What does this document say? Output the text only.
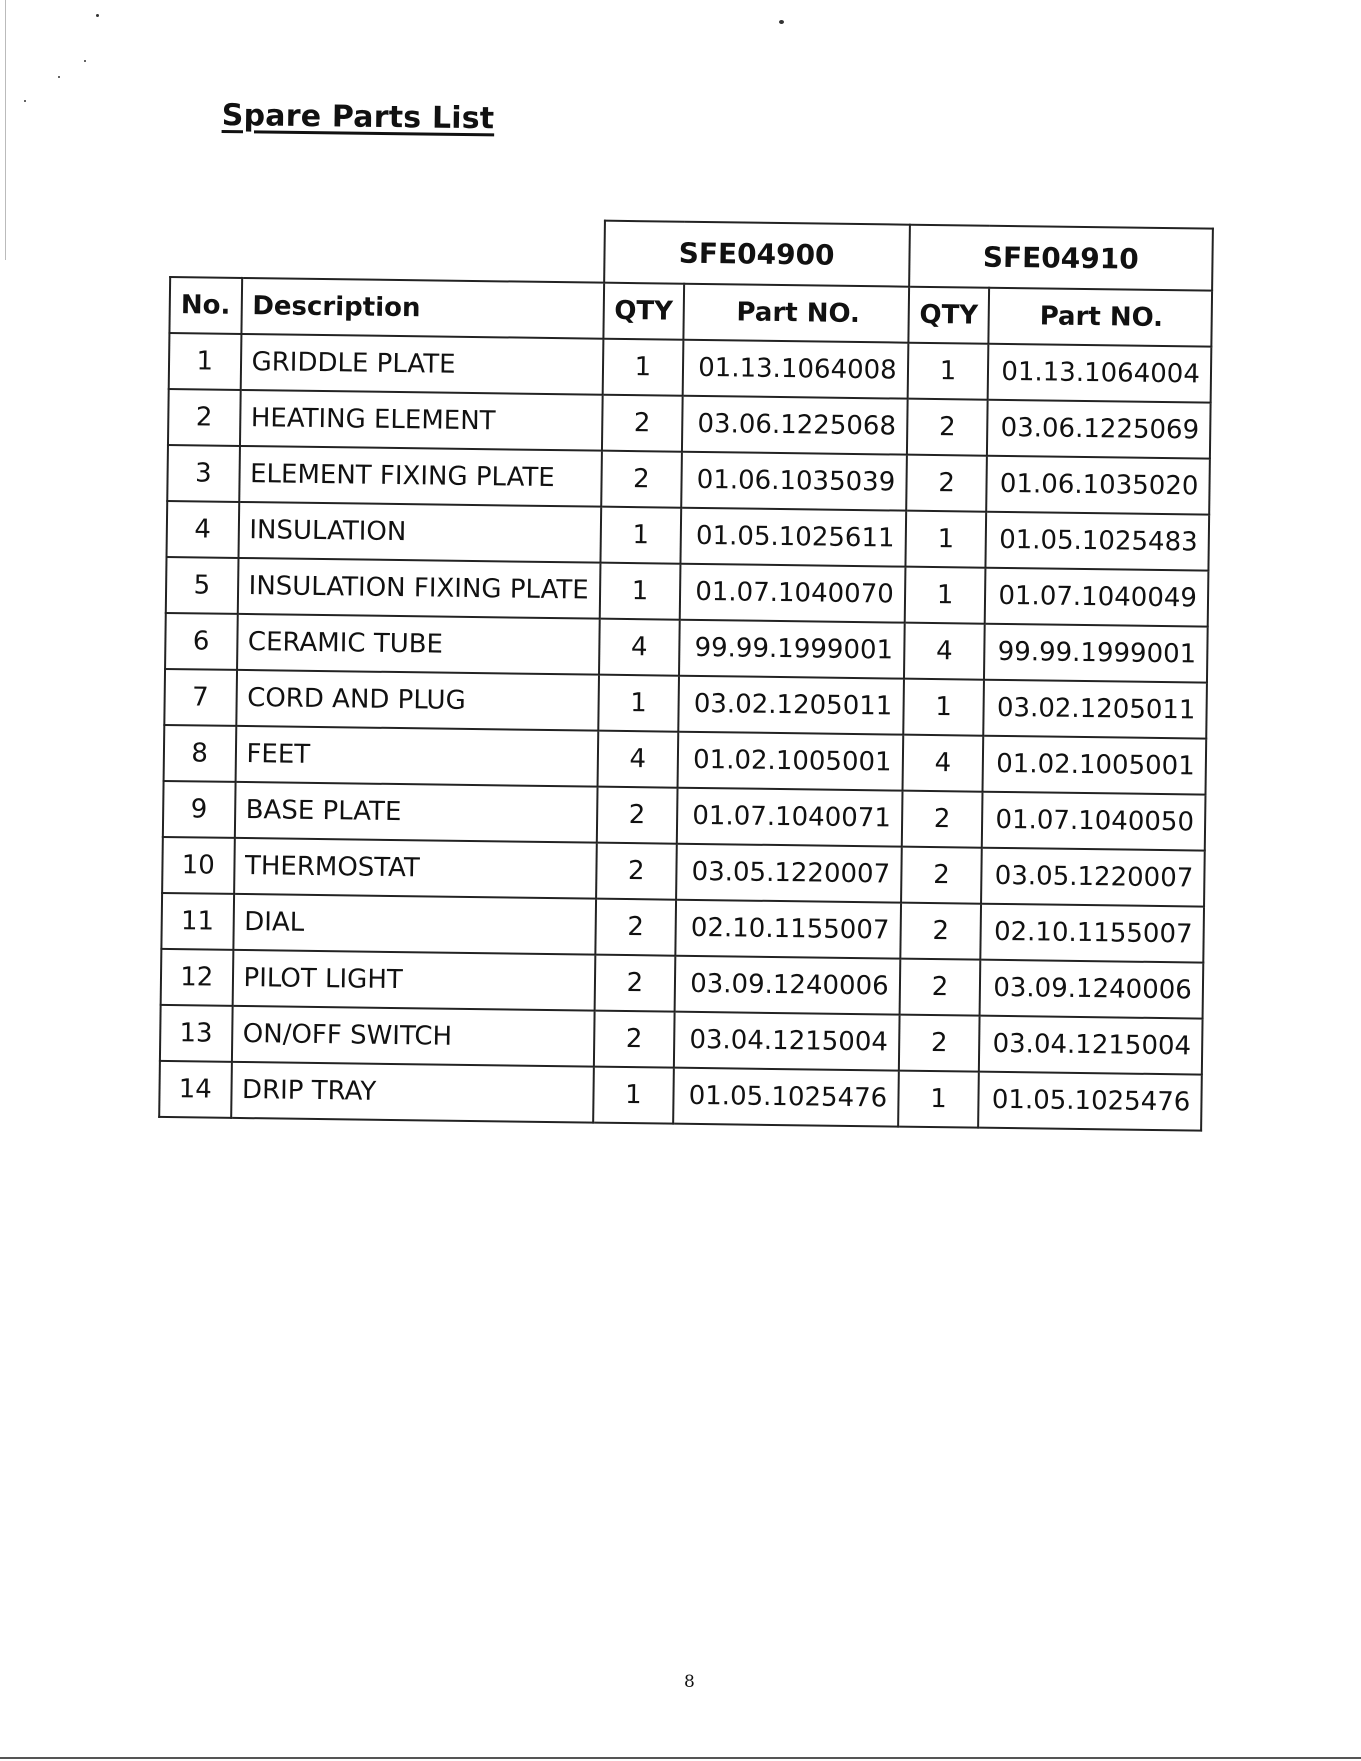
Spare Parts List
		SFE04900		SFE04910	
No.	Description	QTY	Part NO.	QTY	Part NO.
1	GRIDDLE PLATE	1	01.13.1064008	1	01.13.1064004
2	HEATING ELEMENT	2	03.06.1225068	2	03.06.1225069
3	ELEMENT FIXING PLATE	2	01.06.1035039	2	01.06.1035020
4	INSULATION	1	01.05.1025611	1	01.05.1025483
5	INSULATION FIXING PLATE	1	01.07.1040070	1	01.07.1040049
6	CERAMIC TUBE	4	99.99.1999001	4	99.99.1999001
7	CORD AND PLUG	1	03.02.1205011	1	03.02.1205011
8	FEET	4	01.02.1005001	4	01.02.1005001
9	BASE PLATE	2	01.07.1040071	2	01.07.1040050
10	THERMOSTAT	2	03.05.1220007	2	03.05.1220007
11	DIAL	2	02.10.1155007	2	02.10.1155007
12	PILOT LIGHT	2	03.09.1240006	2	03.09.1240006
13	ON/OFF SWITCH	2	03.04.1215004	2	03.04.1215004
14	DRIP TRAY	1	01.05.1025476	1	01.05.1025476
8
